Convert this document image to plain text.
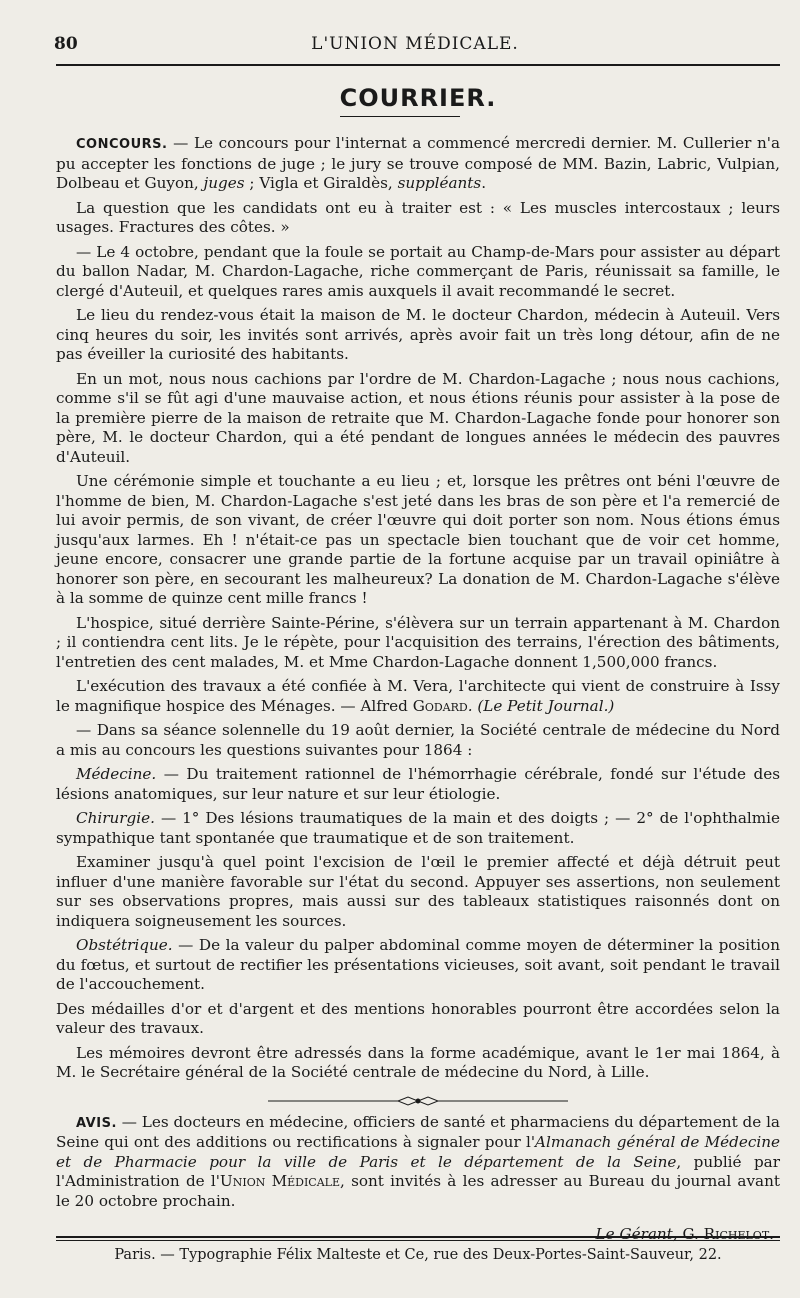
80	L'UNION MÉDICALE.
COURRIER.

CONCOURS. — Le concours pour l'internat a commencé mercredi dernier. M. Cullerier n'a pu accepter les fonctions de juge ; le jury se trouve composé de MM. Bazin, Labric, Vulpian, Dolbeau et Guyon, juges ; Vigla et Giraldès, suppléants.

La question que les candidats ont eu à traiter est : « Les muscles intercostaux ; leurs usages. Fractures des côtes. »

— Le 4 octobre, pendant que la foule se portait au Champ-de-Mars pour assister au départ du ballon Nadar, M. Chardon-Lagache, riche commerçant de Paris, réunissait sa famille, le clergé d'Auteuil, et quelques rares amis auxquels il avait recommandé le secret.

Le lieu du rendez-vous était la maison de M. le docteur Chardon, médecin à Auteuil. Vers cinq heures du soir, les invités sont arrivés, après avoir fait un très long détour, afin de ne pas éveiller la curiosité des habitants.

En un mot, nous nous cachions par l'ordre de M. Chardon-Lagache ; nous nous cachions, comme s'il se fût agi d'une mauvaise action, et nous étions réunis pour assister à la pose de la première pierre de la maison de retraite que M. Chardon-Lagache fonde pour honorer son père, M. le docteur Chardon, qui a été pendant de longues années le médecin des pauvres d'Auteuil.

Une cérémonie simple et touchante a eu lieu ; et, lorsque les prêtres ont béni l'œuvre de l'homme de bien, M. Chardon-Lagache s'est jeté dans les bras de son père et l'a remercié de lui avoir permis, de son vivant, de créer l'œuvre qui doit porter son nom. Nous étions émus jusqu'aux larmes. Eh ! n'était-ce pas un spectacle bien touchant que de voir cet homme, jeune encore, consacrer une grande partie de la fortune acquise par un travail opiniâtre à honorer son père, en secourant les malheureux? La donation de M. Chardon-Lagache s'élève à la somme de quinze cent mille francs !

L'hospice, situé derrière Sainte-Périne, s'élèvera sur un terrain appartenant à M. Chardon ; il contiendra cent lits. Je le répète, pour l'acquisition des terrains, l'érection des bâtiments, l'entretien des cent malades, M. et Mme Chardon-Lagache donnent 1,500,000 francs.

L'exécution des travaux a été confiée à M. Vera, l'architecte qui vient de construire à Issy le magnifique hospice des Ménages. — Alfred Godard. (Le Petit Journal.)

— Dans sa séance solennelle du 19 août dernier, la Société centrale de médecine du Nord a mis au concours les questions suivantes pour 1864 :

Médecine. — Du traitement rationnel de l'hémorrhagie cérébrale, fondé sur l'étude des lésions anatomiques, sur leur nature et sur leur étiologie.

Chirurgie. — 1° Des lésions traumatiques de la main et des doigts ; — 2° de l'ophthalmie sympathique tant spontanée que traumatique et de son traitement.

Examiner jusqu'à quel point l'excision de l'œil le premier affecté et déjà détruit peut influer d'une manière favorable sur l'état du second. Appuyer ses assertions, non seulement sur ses observations propres, mais aussi sur des tableaux statistiques raisonnés dont on indiquera soigneusement les sources.

Obstétrique. — De la valeur du palper abdominal comme moyen de déterminer la position du fœtus, et surtout de rectifier les présentations vicieuses, soit avant, soit pendant le travail de l'accouchement.

Des médailles d'or et d'argent et des mentions honorables pourront être accordées selon la valeur des travaux.

Les mémoires devront être adressés dans la forme académique, avant le 1er mai 1864, à M. le Secrétaire général de la Société centrale de médecine du Nord, à Lille.

AVIS. — Les docteurs en médecine, officiers de santé et pharmaciens du département de la Seine qui ont des additions ou rectifications à signaler pour l'Almanach général de Médecine et de Pharmacie pour la ville de Paris et le département de la Seine, publié par l'Administration de l'Union Médicale, sont invités à les adresser au Bureau du journal avant le 20 octobre prochain.

Le Gérant, G. Richelot.
Paris. — Typographie Félix Malteste et Ce, rue des Deux-Portes-Saint-Sauveur, 22.
